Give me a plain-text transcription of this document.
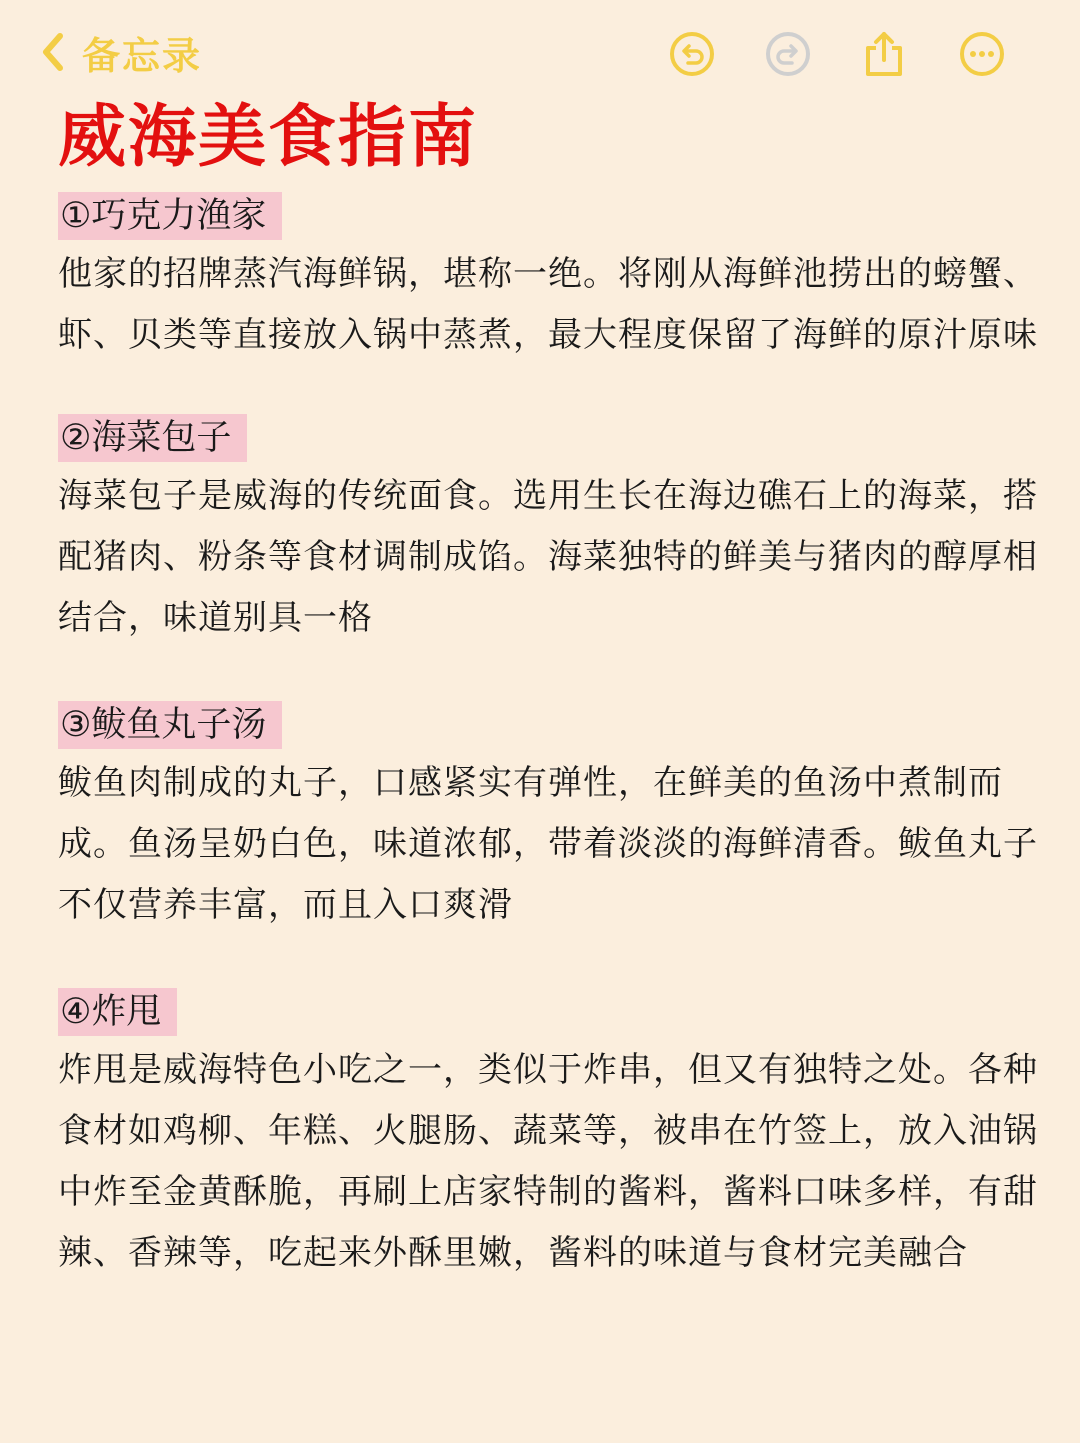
备忘录
威海美食指南
①巧克力渔家

他家的招牌蒸汽海鲜锅，堪称一绝。将刚从海鲜池捞出的螃蟹、虾、贝类等直接放入锅中蒸煮，最大程度保留了海鲜的原汁原味

②海菜包子

海菜包子是威海的传统面食。选用生长在海边礁石上的海菜，搭配猪肉、粉条等食材调制成馅。海菜独特的鲜美与猪肉的醇厚相结合，味道别具一格

③鲅鱼丸子汤

鲅鱼肉制成的丸子，口感紧实有弹性，在鲜美的鱼汤中煮制而成。鱼汤呈奶白色，味道浓郁，带着淡淡的海鲜清香。鲅鱼丸子不仅营养丰富，而且入口爽滑

④炸甩

炸甩是威海特色小吃之一，类似于炸串，但又有独特之处。各种食材如鸡柳、年糕、火腿肠、蔬菜等，被串在竹签上，放入油锅中炸至金黄酥脆，再刷上店家特制的酱料，酱料口味多样，有甜辣、香辣等，吃起来外酥里嫩，酱料的味道与食材完美融合
